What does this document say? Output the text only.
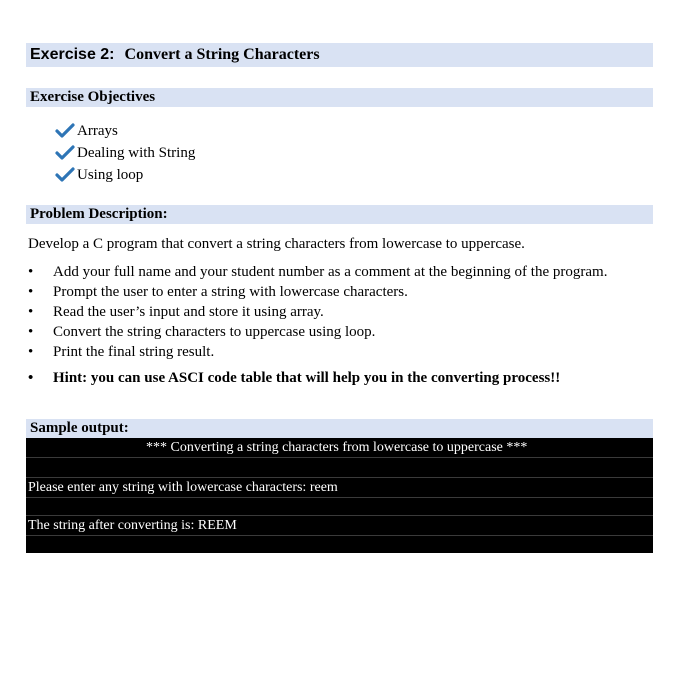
Exercise 2: Convert a String Characters
Exercise Objectives
Arrays
Dealing with String
Using loop
Problem Description:

Develop a C program that convert a string characters from lowercase to uppercase.

• Add your full name and your student number as a comment at the beginning of the program.
• Prompt the user to enter a string with lowercase characters.
• Read the user’s input and store it using array.
• Convert the string characters to uppercase using loop.
• Print the final string result.
• Hint: you can use ASCI code table that will help you in the converting process!!
Sample output:
*** Converting a string characters from lowercase to uppercase ***
Please enter any string with lowercase characters: reem
The string after converting is: REEM
